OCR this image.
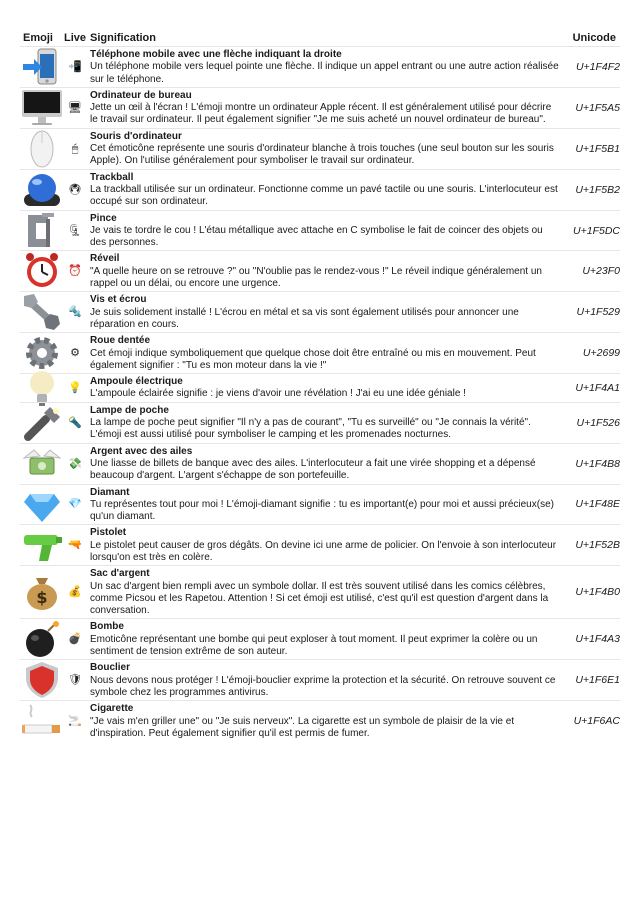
Emoji Live Signification	Unicode
📲
Téléphone mobile avec une flèche indiquant la droite
Un téléphone mobile vers lequel pointe une flèche. Il indique un appel entrant ou une autre action réalisée sur le téléphone.
U+1F4F2
🖥
Ordinateur de bureau
Jette un œil à l'écran ! L'émoji montre un ordinateur Apple récent. Il est généralement utilisé pour décrire le travail sur ordinateur. Il peut également signifier "Je me suis acheté un nouvel ordinateur de bureau".
U+1F5A5
🖱
Souris d'ordinateur
Cet émoticône représente une souris d'ordinateur blanche à trois touches (une seul bouton sur les souris Apple). On l'utilise généralement pour symboliser le travail sur ordinateur.
U+1F5B1
🖲
Trackball
La trackball utilisée sur un ordinateur. Fonctionne comme un pavé tactile ou une souris. L'interlocuteur est occupé sur son ordinateur.
U+1F5B2
🗜
Pince
Je vais te tordre le cou ! L'étau métallique avec attache en C symbolise le fait de coincer des objets ou des personnes.
U+1F5DC
⏰
Réveil
"A quelle heure on se retrouve ?" ou "N'oublie pas le rendez-vous !" Le réveil indique généralement un rappel ou un délai, ou encore une urgence.
U+23F0
🔩
Vis et écrou
Je suis solidement installé ! L'écrou en métal et sa vis sont également utilisés pour annoncer une réparation en cours.
U+1F529
⚙
Roue dentée
Cet émoji indique symboliquement que quelque chose doit être entraîné ou mis en mouvement. Peut également signifier : "Tu es mon moteur dans la vie !"
U+2699
💡 Ampoule électrique
L'ampoule éclairée signifie : je viens d'avoir une révélation ! J'ai eu une idée géniale !
U+1F4A1
🔦
Lampe de poche
La lampe de poche peut signifier "Il n'y a pas de courant", "Tu es surveillé" ou "Je connais la vérité". L'émoji est aussi utilisé pour symboliser le camping et les promenades nocturnes.
U+1F526
💸
Argent avec des ailes
Une liasse de billets de banque avec des ailes. L'interlocuteur a fait une virée shopping et a dépensé beaucoup d'argent. L'argent s'échappe de son portefeuille.
U+1F4B8
💎
Diamant
Tu représentes tout pour moi ! L'émoji-diamant signifie : tu es important(e) pour moi et aussi précieux(se) qu'un diamant.
U+1F48E
🔫
Pistolet
Le pistolet peut causer de gros dégâts. On devine ici une arme de policier. On l'envoie à son interlocuteur lorsqu'on est très en colère.
U+1F52B
$ 💰
Sac d'argent
Un sac d'argent bien rempli avec un symbole dollar. Il est très souvent utilisé dans les comics célèbres, comme Picsou et les Rapetou. Attention ! Si cet émoji est utilisé, c'est qu'il est question d'argent dans la conversation.
U+1F4B0
💣
Bombe
Emoticône représentant une bombe qui peut exploser à tout moment. Il peut exprimer la colère ou un sentiment de tension extrême de son auteur.
U+1F4A3
🛡
Bouclier
Nous devons nous protéger ! L'émoji-bouclier exprime la protection et la sécurité. On retrouve souvent ce symbole chez les programmes antivirus.
U+1F6E1
🚬
Cigarette
"Je vais m'en griller une" ou "Je suis nerveux". La cigarette est un symbole de plaisir de la vie et d'inspiration. Peut également signifier qu'il est permis de fumer.
U+1F6AC
